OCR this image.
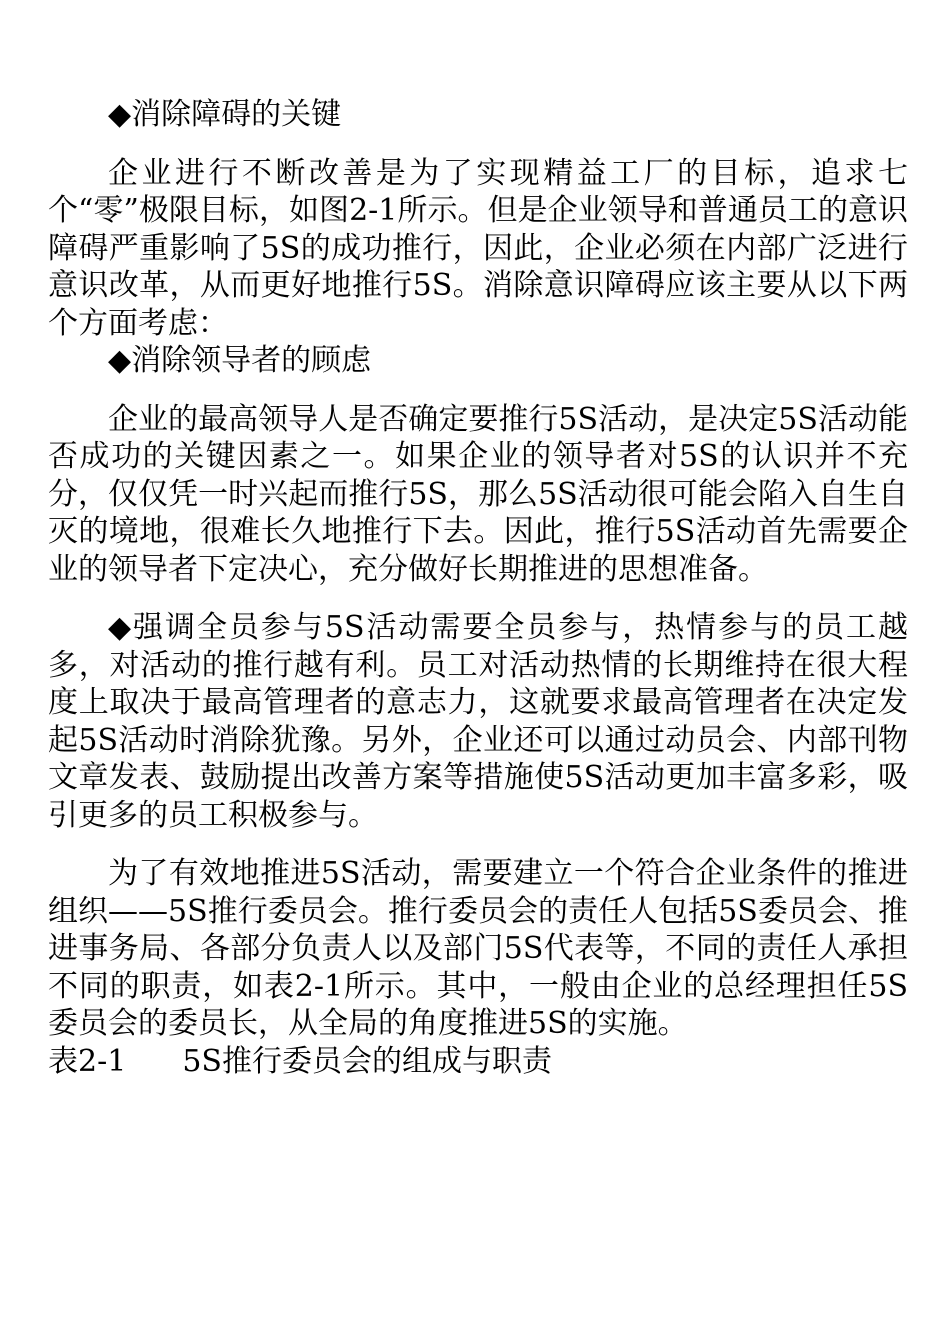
◆消除障碍的关键

企业进行不断改善是为了实现精益工厂的目标，追求七个“零”极限目标，如图2-1所示。但是企业领导和普通员工的意识障碍严重影响了5S的成功推行，因此，企业必须在内部广泛进行意识改革，从而更好地推行5S。消除意识障碍应该主要从以下两个方面考虑：

◆消除领导者的顾虑

企业的最高领导人是否确定要推行5S活动，是决定5S活动能否成功的关键因素之一。如果企业的领导者对5S的认识并不充分，仅仅凭一时兴起而推行5S，那么5S活动很可能会陷入自生自灭的境地，很难长久地推行下去。因此，推行5S活动首先需要企业的领导者下定决心，充分做好长期推进的思想准备。

◆强调全员参与5S活动需要全员参与，热情参与的员工越多，对活动的推行越有利。员工对活动热情的长期维持在很大程度上取决于最高管理者的意志力，这就要求最高管理者在决定发起5S活动时消除犹豫。另外，企业还可以通过动员会、内部刊物文章发表、鼓励提出改善方案等措施使5S活动更加丰富多彩，吸引更多的员工积极参与。

为了有效地推进5S活动，需要建立一个符合企业条件的推进组织——5S推行委员会。推行委员会的责任人包括5S委员会、推进事务局、各部分负责人以及部门5S代表等，不同的责任人承担不同的职责，如表2-1所示。其中，一般由企业的总经理担任5S委员会的委员长，从全局的角度推进5S的实施。

表2-1 5S推行委员会的组成与职责
